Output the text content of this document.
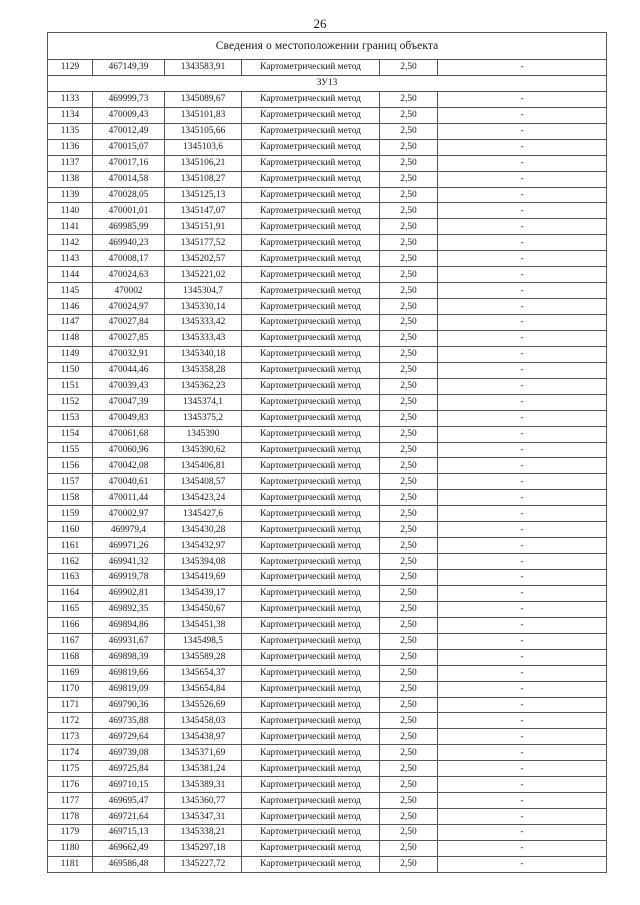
26
Сведения о местоположении границ объекта					
1129	467149,39	1343583,91	Картометрический метод	2,50	-
ЗУ13					
1133	469999,73	1345089,67	Картометрический метод	2,50	-
1134	470009,43	1345101,83	Картометрический метод	2,50	-
1135	470012,49	1345105,66	Картометрический метод	2,50	-
1136	470015,07	1345103,6	Картометрический метод	2,50	-
1137	470017,16	1345106,21	Картометрический метод	2,50	-
1138	470014,58	1345108,27	Картометрический метод	2,50	-
1139	470028,05	1345125,13	Картометрический метод	2,50	-
1140	470001,01	1345147,07	Картометрический метод	2,50	-
1141	469985,99	1345151,91	Картометрический метод	2,50	-
1142	469940,23	1345177,52	Картометрический метод	2,50	-
1143	470008,17	1345202,57	Картометрический метод	2,50	-
1144	470024,63	1345221,02	Картометрический метод	2,50	-
1145	470002	1345304,7	Картометрический метод	2,50	-
1146	470024,97	1345330,14	Картометрический метод	2,50	-
1147	470027,84	1345333,42	Картометрический метод	2,50	-
1148	470027,85	1345333,43	Картометрический метод	2,50	-
1149	470032,91	1345340,18	Картометрический метод	2,50	-
1150	470044,46	1345358,28	Картометрический метод	2,50	-
1151	470039,43	1345362,23	Картометрический метод	2,50	-
1152	470047,39	1345374,1	Картометрический метод	2,50	-
1153	470049,83	1345375,2	Картометрический метод	2,50	-
1154	470061,68	1345390	Картометрический метод	2,50	-
1155	470060,96	1345390,62	Картометрический метод	2,50	-
1156	470042,08	1345406,81	Картометрический метод	2,50	-
1157	470040,61	1345408,57	Картометрический метод	2,50	-
1158	470011,44	1345423,24	Картометрический метод	2,50	-
1159	470002,97	1345427,6	Картометрический метод	2,50	-
1160	469979,4	1345430,28	Картометрический метод	2,50	-
1161	469971,26	1345432,97	Картометрический метод	2,50	-
1162	469941,32	1345394,08	Картометрический метод	2,50	-
1163	469919,78	1345419,69	Картометрический метод	2,50	-
1164	469902,81	1345439,17	Картометрический метод	2,50	-
1165	469892,35	1345450,67	Картометрический метод	2,50	-
1166	469894,86	1345451,38	Картометрический метод	2,50	-
1167	469931,67	1345498,5	Картометрический метод	2,50	-
1168	469898,39	1345589,28	Картометрический метод	2,50	-
1169	469819,66	1345654,37	Картометрический метод	2,50	-
1170	469819,09	1345654,84	Картометрический метод	2,50	-
1171	469790,36	1345526,69	Картометрический метод	2,50	-
1172	469735,88	1345458,03	Картометрический метод	2,50	-
1173	469729,64	1345438,97	Картометрический метод	2,50	-
1174	469739,08	1345371,69	Картометрический метод	2,50	-
1175	469725,84	1345381,24	Картометрический метод	2,50	-
1176	469710,15	1345389,31	Картометрический метод	2,50	-
1177	469695,47	1345360,77	Картометрический метод	2,50	-
1178	469721,64	1345347,31	Картометрический метод	2,50	-
1179	469715,13	1345338,21	Картометрический метод	2,50	-
1180	469662,49	1345297,18	Картометрический метод	2,50	-
1181	469586,48	1345227,72	Картометрический метод	2,50	-
